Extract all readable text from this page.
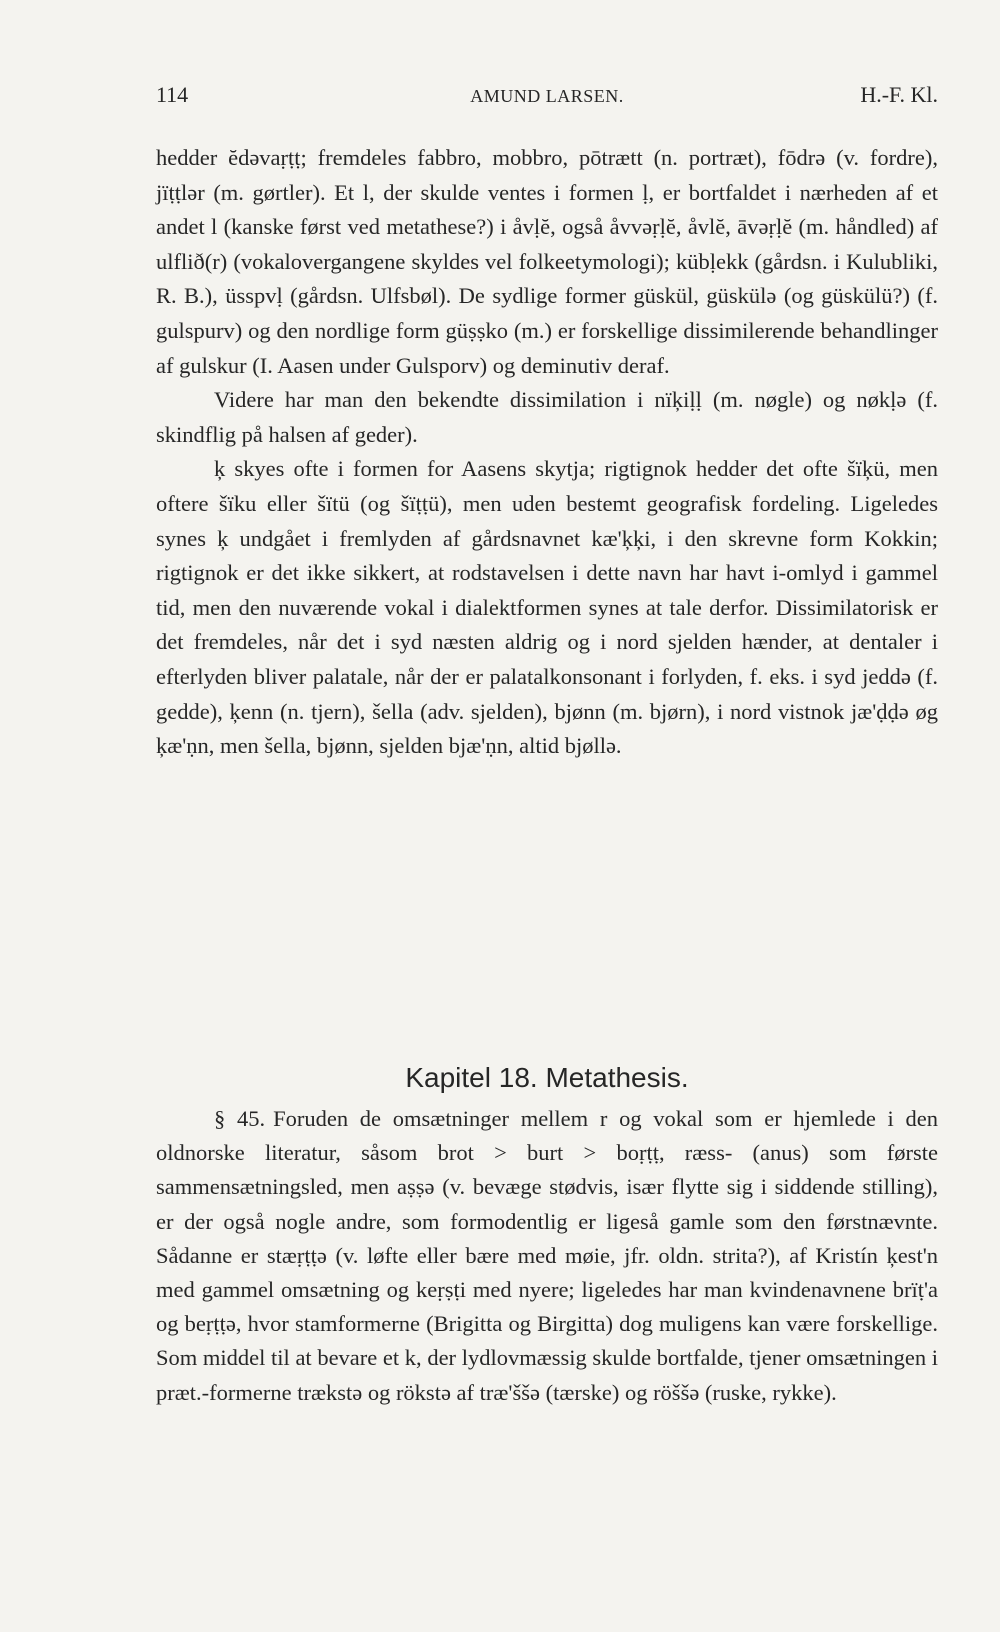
114	AMUND LARSEN.	H.-F. Kl.

hedder ĕdəvaṛṭṭ; fremdeles fabbro, mobbro, pōtrætt (n. portræt), fōdrə (v. fordre), jïṭṭlər (m. gørtler). Et l, der skulde ventes i formen ḷ, er bortfaldet i nærheden af et andet l (kanske først ved metathese?) i åvḷĕ, også åvvəṛḷĕ, åvlĕ, āvəṛḷĕ (m. håndled) af ulflið(r) (vokalovergangene skyldes vel folkeetymologi); kübḷekk (gårdsn. i Kulubliki, R. B.), üsspvḷ (gårdsn. Ulfsbøl). De sydlige former güskül, güskülə (og güskülü?) (f. gulspurv) og den nordlige form güṣṣko (m.) er forskellige dissimilerende behandlinger af gulskur (I. Aasen under Gulsporv) og deminutiv deraf.

Videre har man den bekendte dissimilation i nïķiḷḷ (m. nøgle) og nøkḷə (f. skindflig på halsen af geder).

ķ skyes ofte i formen for Aasens skytja; rigtignok hedder det ofte šïķü, men oftere šïku eller šïtü (og šïṭṭü), men uden bestemt geografisk fordeling. Ligeledes synes ķ undgået i fremlyden af gårdsnavnet kæ'ķķi, i den skrevne form Kokkin; rigtignok er det ikke sikkert, at rodstavelsen i dette navn har havt i-omlyd i gammel tid, men den nuværende vokal i dialektformen synes at tale derfor. Dissimilatorisk er det fremdeles, når det i syd næsten aldrig og i nord sjelden hænder, at dentaler i efterlyden bliver palatale, når der er palatalkonsonant i forlyden, f. eks. i syd jeddə (f. gedde), ķenn (n. tjern), šella (adv. sjelden), bjønn (m. bjørn), i nord vistnok jæ'ḍḍə øg ķæ'ṇn, men šella, bjønn, sjelden bjæ'ṇn, altid bjøllə.

Kapitel 18. Metathesis.

§ 45. Foruden de omsætninger mellem r og vokal som er hjemlede i den oldnorske literatur, såsom brot > burt > boṛṭṭ, ræss- (anus) som første sammensætningsled, men aṣṣə (v. bevæge stødvis, især flytte sig i siddende stilling), er der også nogle andre, som formodentlig er ligeså gamle som den førstnævnte. Sådanne er stæṛṭṭə (v. løfte eller bære med møie, jfr. oldn. strita?), af Kristín ķest'n med gammel omsætning og keṛṣṭi med nyere; ligeledes har man kvindenavnene brïṭ'a og beṛṭṭə, hvor stamformerne (Brigitta og Birgitta) dog muligens kan være forskellige. Som middel til at bevare et k, der lydlovmæssig skulde bortfalde, tjener omsætningen i præt.-formerne trækstə og rökstə af træ'ššə (tærske) og röššə (ruske, rykke).
